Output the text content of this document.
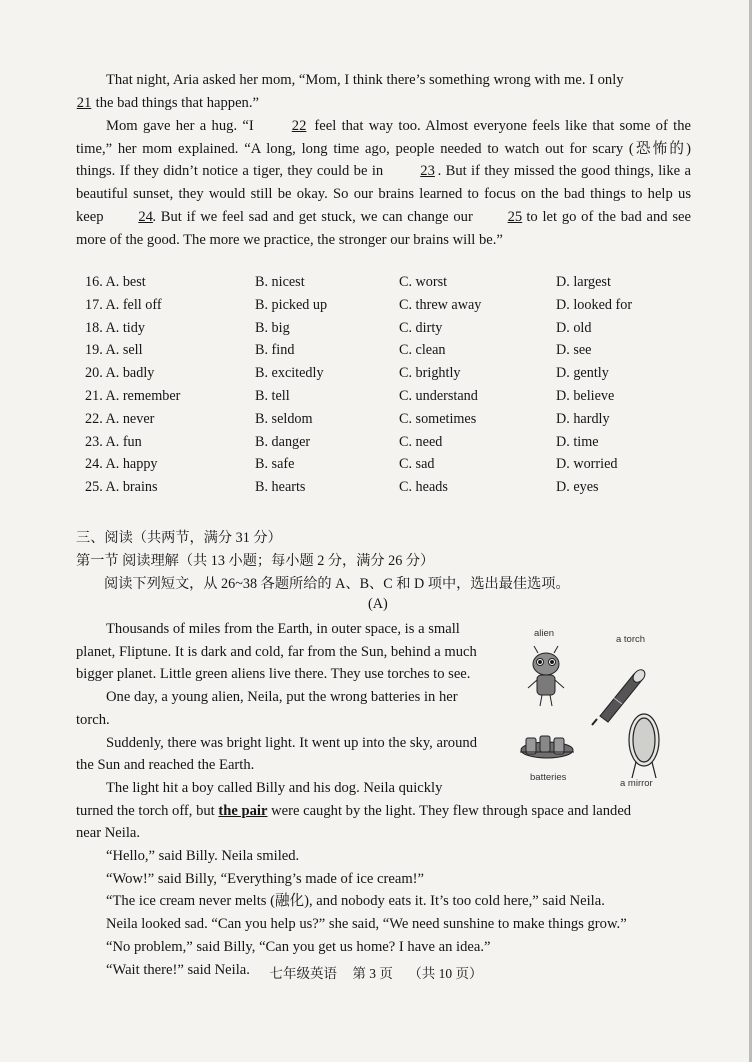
That night, Aria asked her mom, “Mom, I think there’s something wrong with me. I only
21 the bad things that happen.”

Mom gave her a hug. “I 22 feel that way too. Almost everyone feels like that some of the time,” her mom explained. “A long, long time ago, people needed to watch out for scary (恐怖的) things. If they didn’t notice a tiger, they could be in 23 . But if they missed the good things, like a beautiful sunset, they would still be okay. So our brains learned to focus on the bad things to help us keep 24. But if we feel sad and get stuck, we can change our 25 to let go of the bad and see more of the good. The more we practice, the stronger our brains will be.”

16. A. best	B. nicest	C. worst	D. largest
17. A. fell off	B. picked up	C. threw away	D. looked for
18. A. tidy	B. big	C. dirty	D. old
19. A. sell	B. find	C. clean	D. see
20. A. badly	B. excitedly	C. brightly	D. gently
21. A. remember	B. tell	C. understand	D. believe
22. A. never	B. seldom	C. sometimes	D. hardly
23. A. fun	B. danger	C. need	D. time
24. A. happy	B. safe	C. sad	D. worried
25. A. brains	B. hearts	C. heads	D. eyes
三、阅读（共两节，满分 31 分）
第一节 阅读理解（共 13 小题；每小题 2 分，满分 26 分）
阅读下列短文，从 26~38 各题所给的 A、B、C 和 D 项中，选出最佳选项。
(A)
Thousands of miles from the Earth, in outer space, is a small
planet, Fliptune. It is dark and cold, far from the Sun, behind a much
bigger planet. Little green aliens live there. They use torches to see.
One day, a young alien, Neila, put the wrong batteries in her
torch.
Suddenly, there was bright light. It went up into the sky, around
the Sun and reached the Earth.
The light hit a boy called Billy and his dog. Neila quickly
turned the torch off, but the pair were caught by the light. They flew through space and landed
near Neila.
“Hello,” said Billy. Neila smiled.
“Wow!” said Billy, “Everything’s made of ice cream!”
“The ice cream never melts (融化), and nobody eats it. It’s too cold here,” said Neila.
Neila looked sad. “Can you help us?” she said, “We need sunshine to make things grow.”
“No problem,” said Billy, “Can you get us home? I have an idea.”
“Wait there!” said Neila.
alien
a torch
batteries
a mirror
七年级英语 第 3 页 （共 10 页）
